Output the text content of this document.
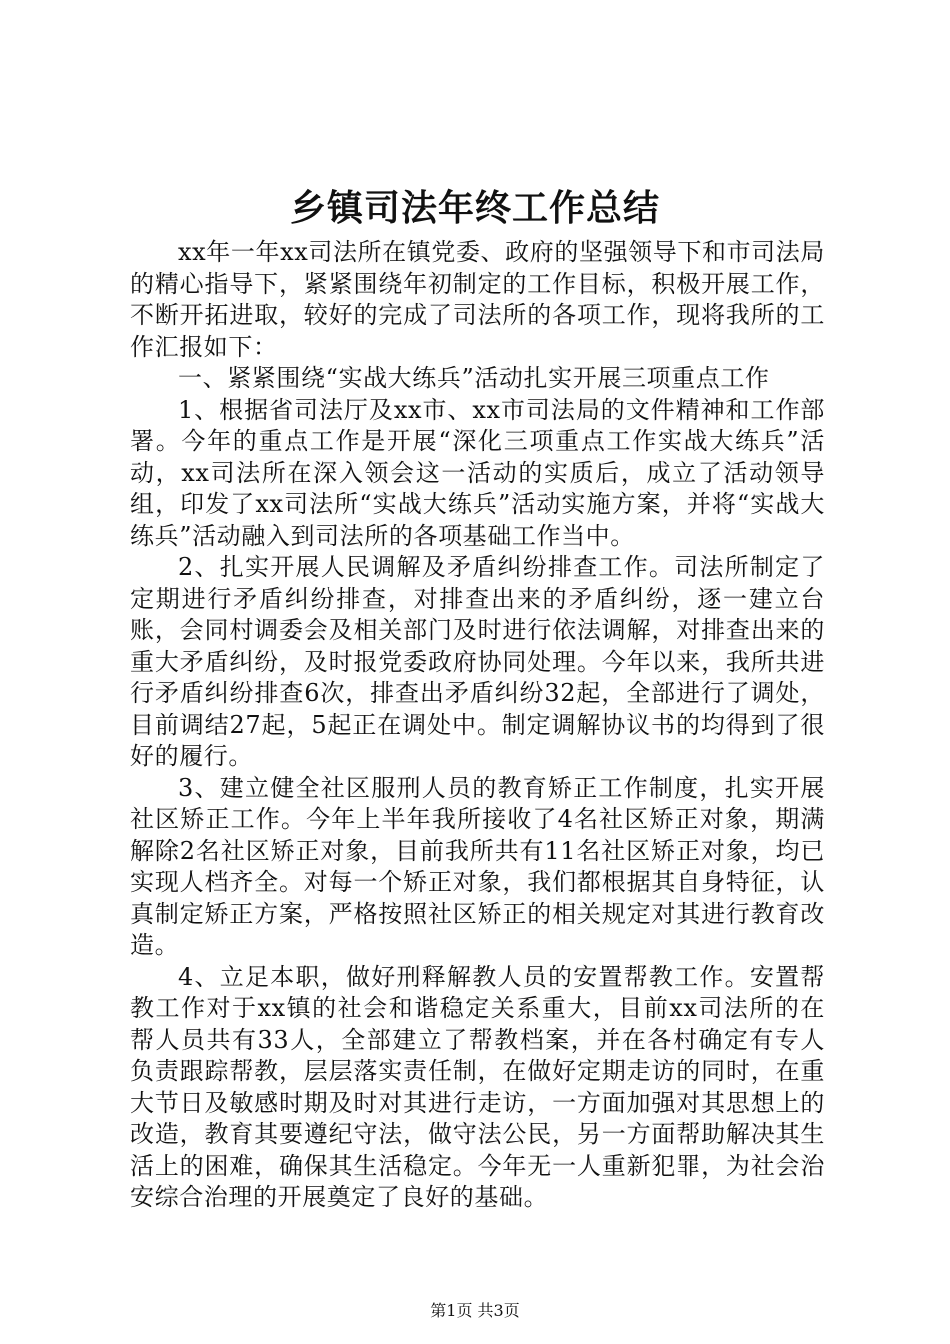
乡镇司法年终工作总结

xx年一年xx司法所在镇党委、政府的坚强领导下和市司法局的精心指导下，紧紧围绕年初制定的工作目标，积极开展工作，不断开拓进取，较好的完成了司法所的各项工作，现将我所的工作汇报如下：

一、紧紧围绕“实战大练兵”活动扎实开展三项重点工作

1、根据省司法厅及xx市、xx市司法局的文件精神和工作部署。今年的重点工作是开展“深化三项重点工作实战大练兵”活动，xx司法所在深入领会这一活动的实质后，成立了活动领导组，印发了xx司法所“实战大练兵”活动实施方案，并将“实战大练兵”活动融入到司法所的各项基础工作当中。

2、扎实开展人民调解及矛盾纠纷排查工作。司法所制定了定期进行矛盾纠纷排查，对排查出来的矛盾纠纷，逐一建立台账，会同村调委会及相关部门及时进行依法调解，对排查出来的重大矛盾纠纷，及时报党委政府协同处理。今年以来，我所共进行矛盾纠纷排查6次，排查出矛盾纠纷32起，全部进行了调处，目前调结27起，5起正在调处中。制定调解协议书的均得到了很好的履行。

3、建立健全社区服刑人员的教育矫正工作制度，扎实开展社区矫正工作。今年上半年我所接收了4名社区矫正对象，期满解除2名社区矫正对象，目前我所共有11名社区矫正对象，均已实现人档齐全。对每一个矫正对象，我们都根据其自身特征，认真制定矫正方案，严格按照社区矫正的相关规定对其进行教育改造。

4、立足本职，做好刑释解教人员的安置帮教工作。安置帮教工作对于xx镇的社会和谐稳定关系重大，目前xx司法所的在帮人员共有33人，全部建立了帮教档案，并在各村确定有专人负责跟踪帮教，层层落实责任制，在做好定期走访的同时，在重大节日及敏感时期及时对其进行走访，一方面加强对其思想上的改造，教育其要遵纪守法，做守法公民，另一方面帮助解决其生活上的困难，确保其生活稳定。今年无一人重新犯罪，为社会治安综合治理的开展奠定了良好的基础。

第1页 共3页
